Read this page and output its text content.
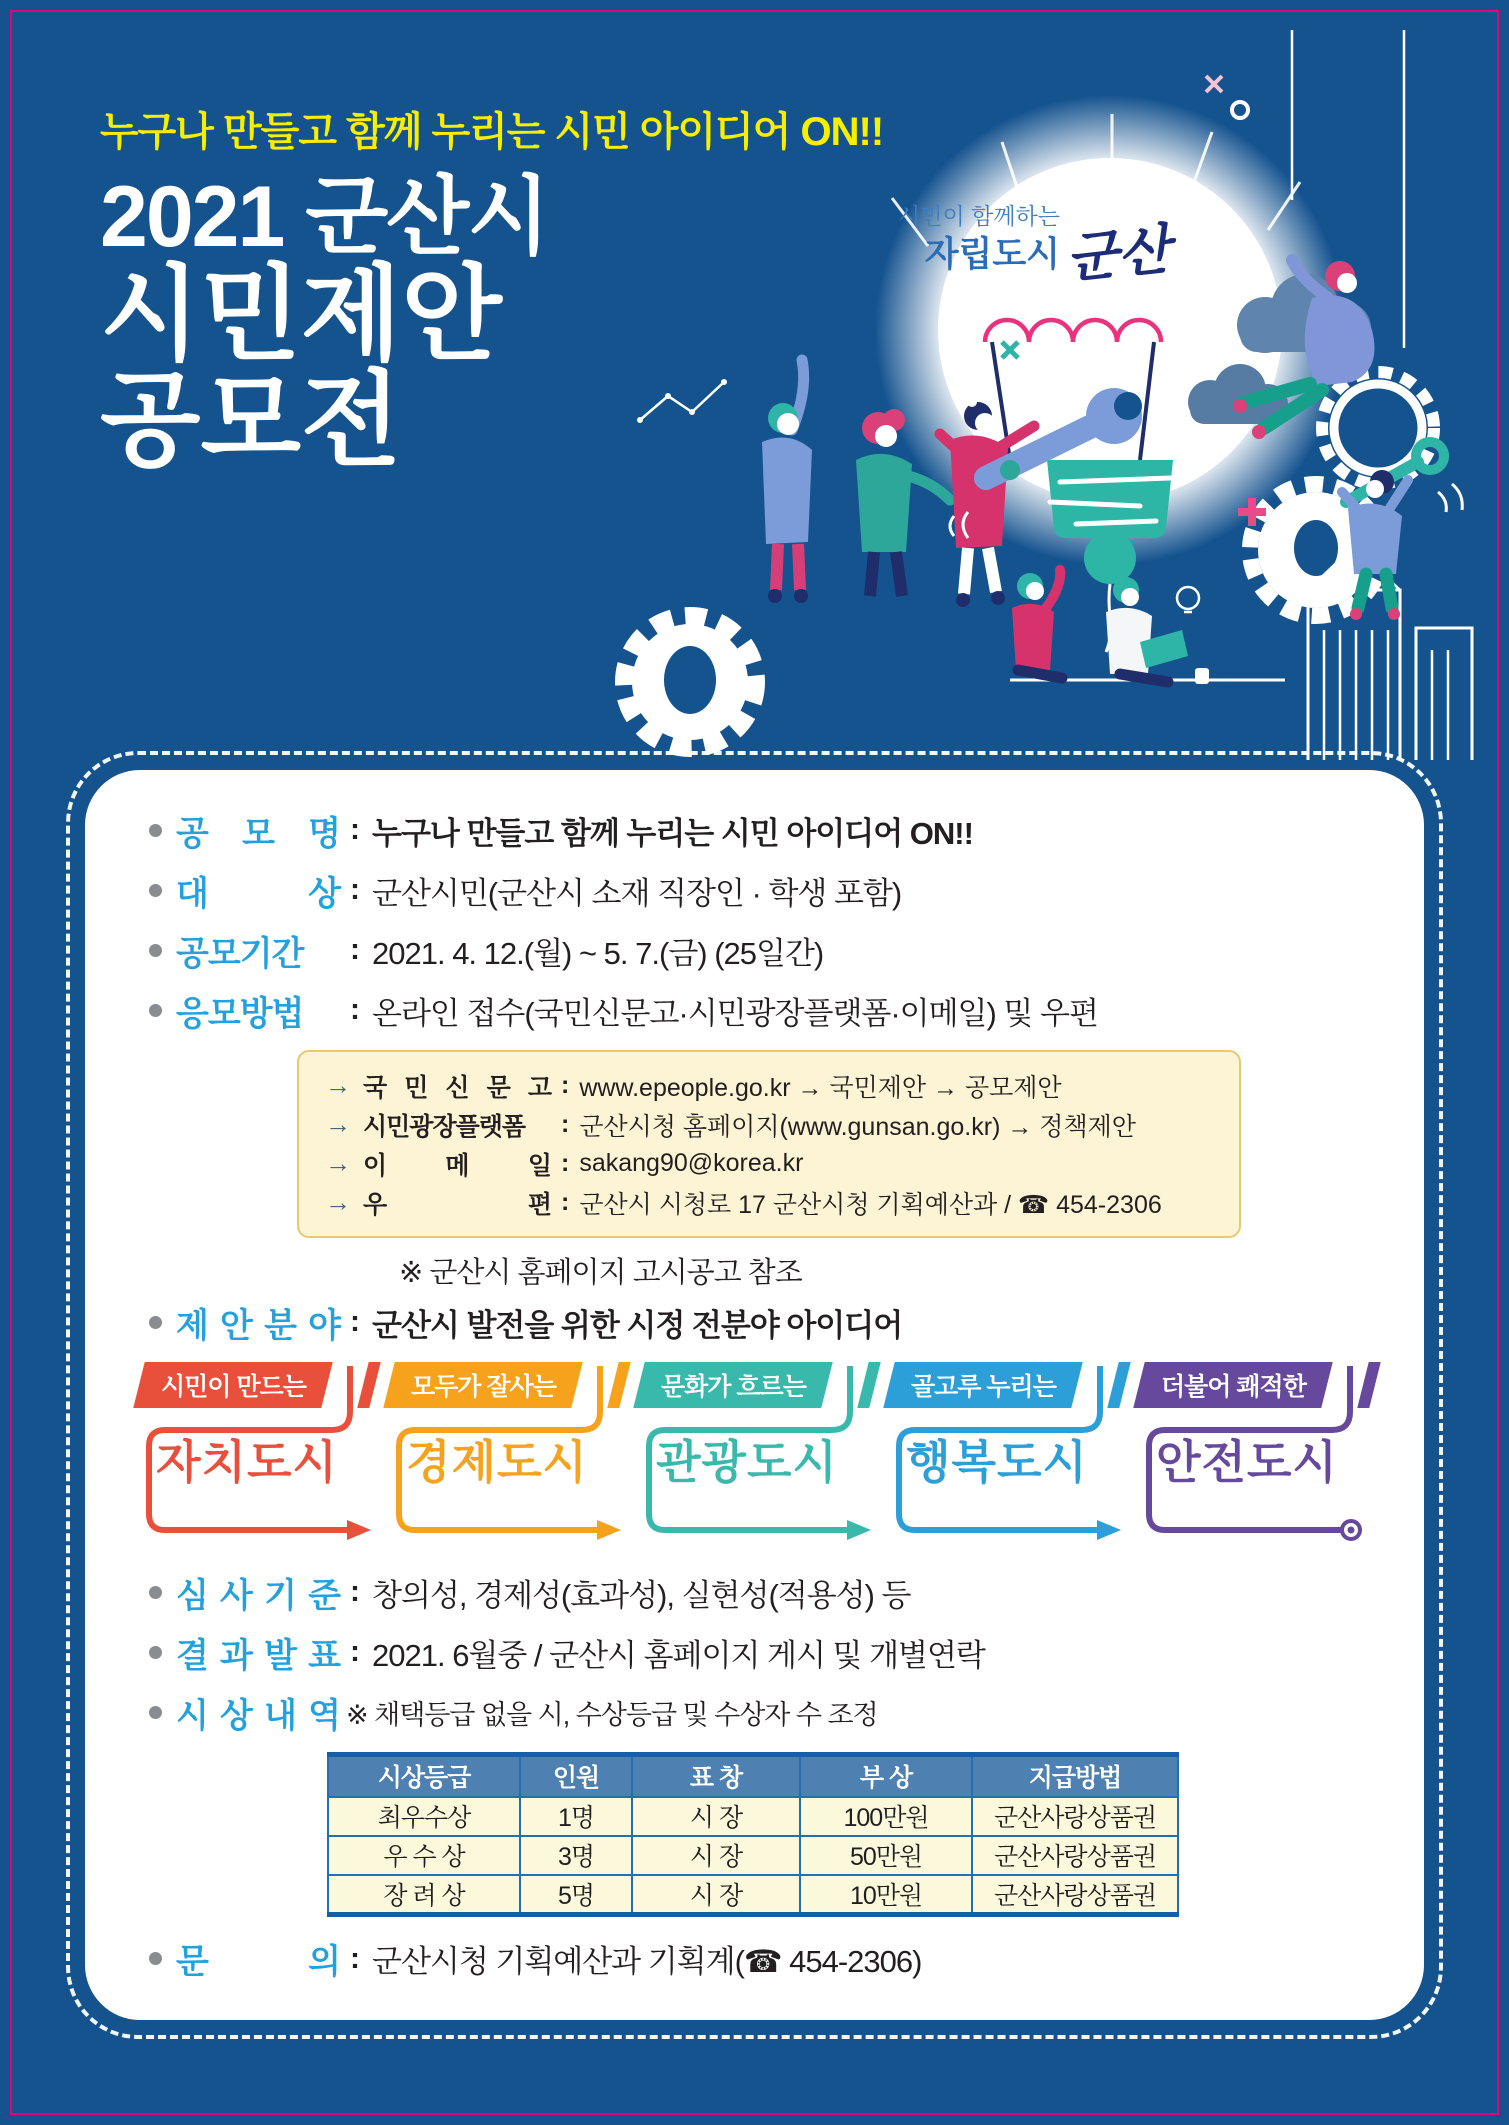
누구나 만들고 함께 누리는 시민 아이디어 ON!!
2021 군산시
시민제안
공모전
시민이 함께하는
자립도시 군산
공 모 명 : 누구나 만들고 함께 누리는 시민 아이디어 ON!!
대 상 : 군산시민(군산시 소재 직장인 · 학생 포함)
공모기간	: 2021. 4. 12.(월) ~ 5. 7.(금) (25일간)
응모방법	: 온라인 접수(국민신문고·시민광장플랫폼·이메일) 및 우편
→ 국 민 신 문 고 : www.epeople.go.kr → 국민제안 → 공모제안
→ 시민광장플랫폼	: 군산시청 홈페이지(www.gunsan.go.kr) → 정책제안
→ 이 메 일 : sakang90@korea.kr
→ 우 편 : 군산시 시청로 17 군산시청 기획예산과 / ☎ 454-2306
※ 군산시 홈페이지 고시공고 참조
제 안 분 야 : 군산시 발전을 위한 시정 전분야 아이디어
시민이 만드는
자치도시
모두가 잘사는
경제도시
문화가 흐르는
관광도시
골고루 누리는
행복도시
더불어 쾌적한
안전도시
심 사 기 준 : 창의성, 경제성(효과성), 실현성(적용성) 등
결 과 발 표 : 2021. 6월중 / 군산시 홈페이지 게시 및 개별연락
시 상 내 역 ※ 채택등급 없을 시, 수상등급 및 수상자 수 조정
시상등급	인원	표 창	부 상	지급방법
최우수상	1명	시 장	100만원	군산사랑상품권
우 수 상	3명	시 장	50만원	군산사랑상품권
장 려 상	5명	시 장	10만원	군산사랑상품권
문 의 : 군산시청 기획예산과 기획계(☎ 454-2306)
